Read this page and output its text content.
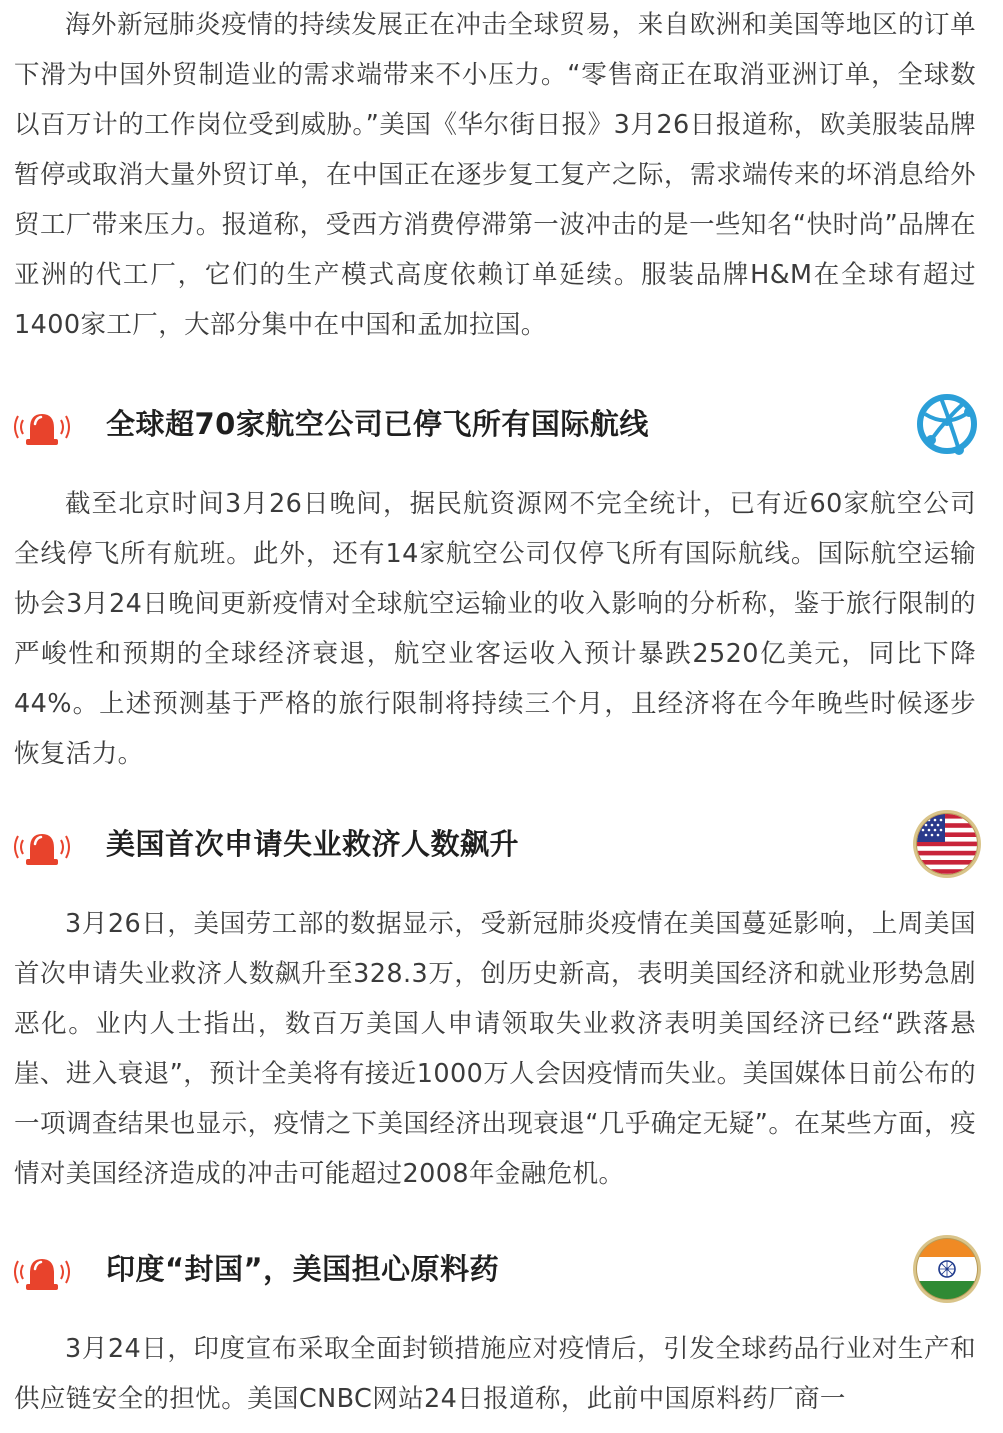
海外新冠肺炎疫情的持续发展正在冲击全球贸易，来自欧洲和美国等地区的订单下滑为中国外贸制造业的需求端带来不小压力。“零售商正在取消亚洲订单，全球数以百万计的工作岗位受到威胁。”美国《华尔街日报》3月26日报道称，欧美服装品牌暂停或取消大量外贸订单，在中国正在逐步复工复产之际，需求端传来的坏消息给外贸工厂带来压力。报道称，受西方消费停滞第一波冲击的是一些知名“快时尚”品牌在亚洲的代工厂，它们的生产模式高度依赖订单延续。服装品牌H&M在全球有超过1400家工厂，大部分集中在中国和孟加拉国。

全球超70家航空公司已停飞所有国际航线

截至北京时间3月26日晚间，据民航资源网不完全统计，已有近60家航空公司全线停飞所有航班。此外，还有14家航空公司仅停飞所有国际航线。国际航空运输协会3月24日晚间更新疫情对全球航空运输业的收入影响的分析称，鉴于旅行限制的严峻性和预期的全球经济衰退，航空业客运收入预计暴跌2520亿美元，同比下降44%。上述预测基于严格的旅行限制将持续三个月，且经济将在今年晚些时候逐步恢复活力。

美国首次申请失业救济人数飙升

3月26日，美国劳工部的数据显示，受新冠肺炎疫情在美国蔓延影响，上周美国首次申请失业救济人数飙升至328.3万，创历史新高，表明美国经济和就业形势急剧恶化。业内人士指出，数百万美国人申请领取失业救济表明美国经济已经“跌落悬崖、进入衰退”，预计全美将有接近1000万人会因疫情而失业。美国媒体日前公布的一项调查结果也显示，疫情之下美国经济出现衰退“几乎确定无疑”。在某些方面，疫情对美国经济造成的冲击可能超过2008年金融危机。

印度“封国”，美国担心原料药

3月24日，印度宣布采取全面封锁措施应对疫情后，引发全球药品行业对生产和供应链安全的担忧。美国CNBC网站24日报道称，此前中国原料药厂商一
